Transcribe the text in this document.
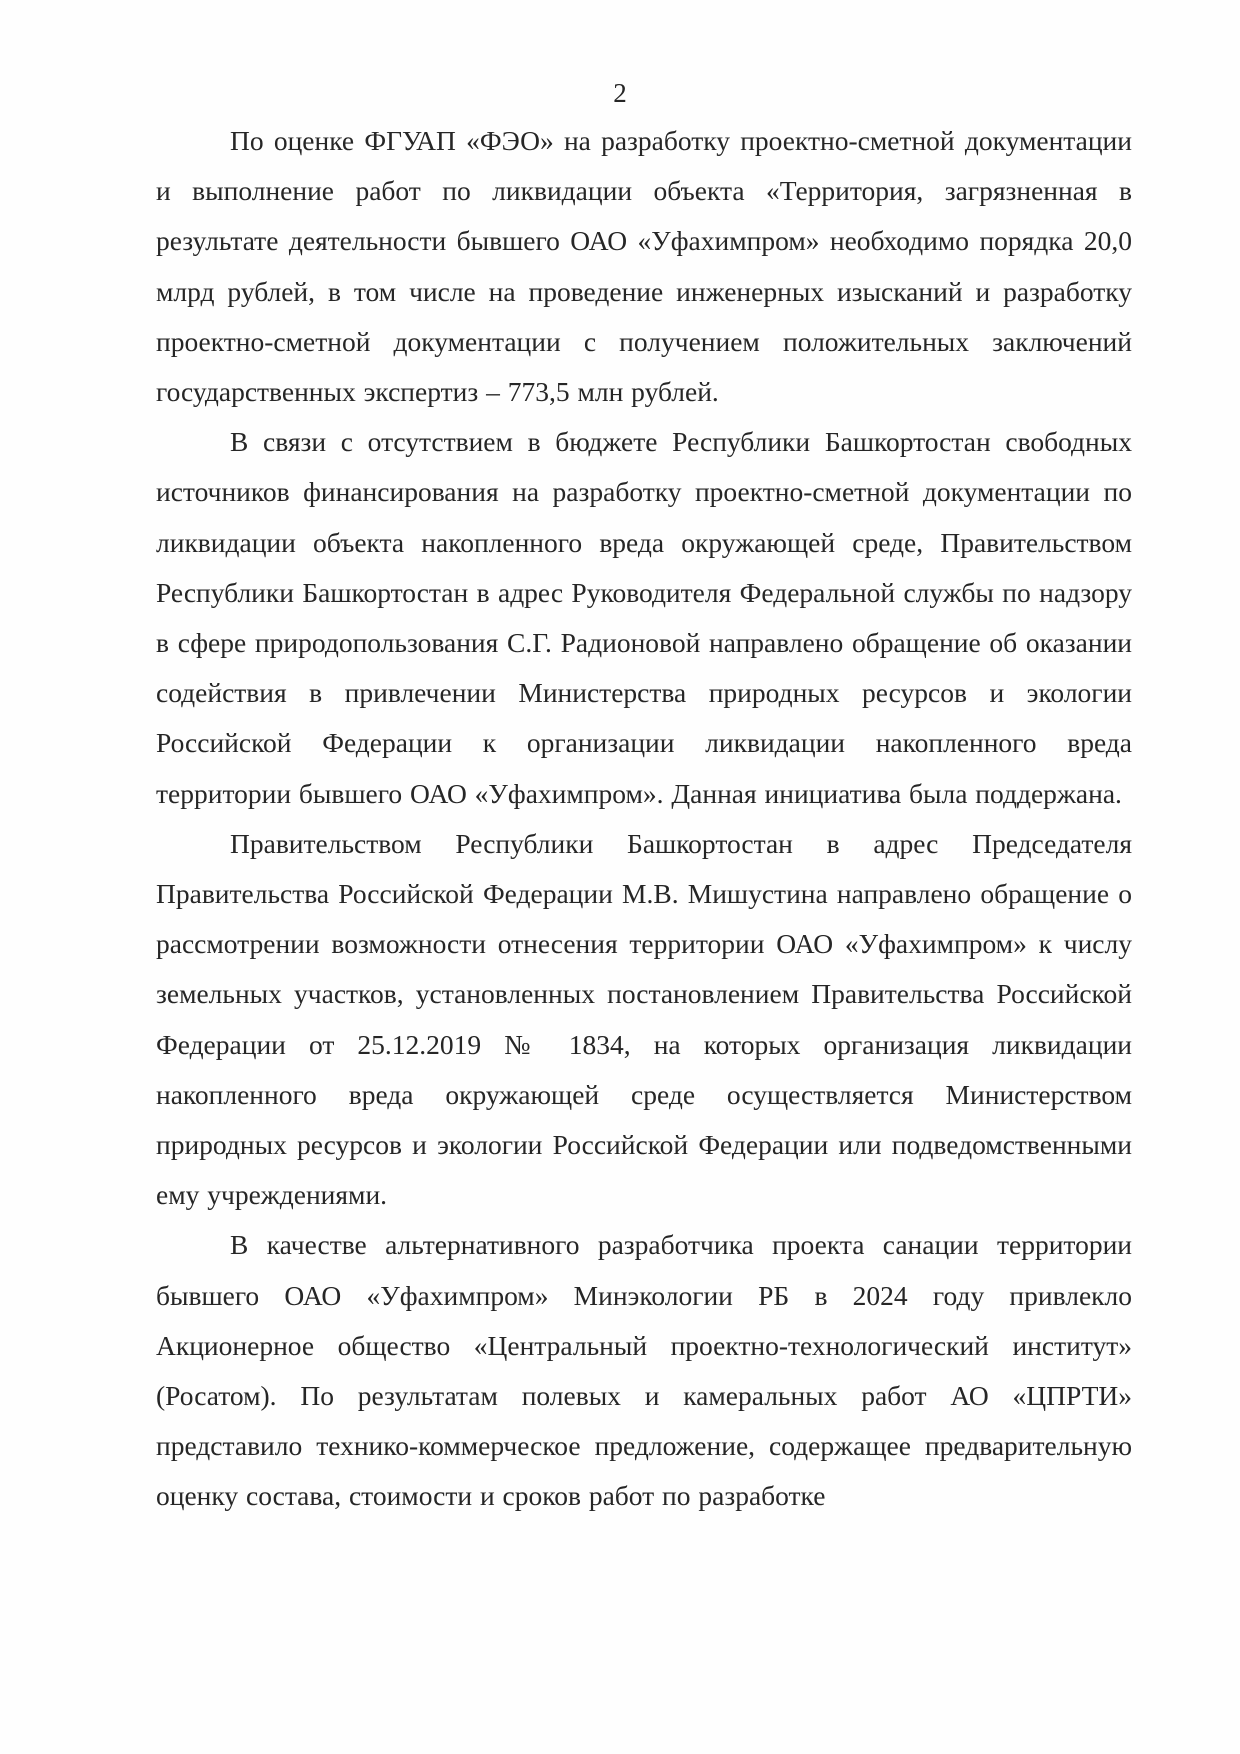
2

По оценке ФГУАП «ФЭО» на разработку проектно-сметной документации и выполнение работ по ликвидации объекта «Территория, загрязненная в результате деятельности бывшего ОАО «Уфахимпром» необходимо порядка 20,0 млрд рублей, в том числе на проведение инженерных изысканий и разработку проектно-сметной документации с получением положительных заключений государственных экспертиз – 773,5 млн рублей.

В связи с отсутствием в бюджете Республики Башкортостан свободных источников финансирования на разработку проектно-сметной документации по ликвидации объекта накопленного вреда окружающей среде, Правительством Республики Башкортостан в адрес Руководителя Федеральной службы по надзору в сфере природопользования С.Г. Радионовой направлено обращение об оказании содействия в привлечении Министерства природных ресурсов и экологии Российской Федерации к организации ликвидации накопленного вреда территории бывшего ОАО «Уфахимпром». Данная инициатива была поддержана.

Правительством Республики Башкортостан в адрес Председателя Правительства Российской Федерации М.В. Мишустина направлено обращение о рассмотрении возможности отнесения территории ОАО «Уфахимпром» к числу земельных участков, установленных постановлением Правительства Российской Федерации от 25.12.2019 № 1834, на которых организация ликвидации накопленного вреда окружающей среде осуществляется Министерством природных ресурсов и экологии Российской Федерации или подведомственными ему учреждениями.

В качестве альтернативного разработчика проекта санации территории бывшего ОАО «Уфахимпром» Минэкологии РБ в 2024 году привлекло Акционерное общество «Центральный проектно-технологический институт» (Росатом). По результатам полевых и камеральных работ АО «ЦПРТИ» представило технико-коммерческое предложение, содержащее предварительную оценку состава, стоимости и сроков работ по разработке
